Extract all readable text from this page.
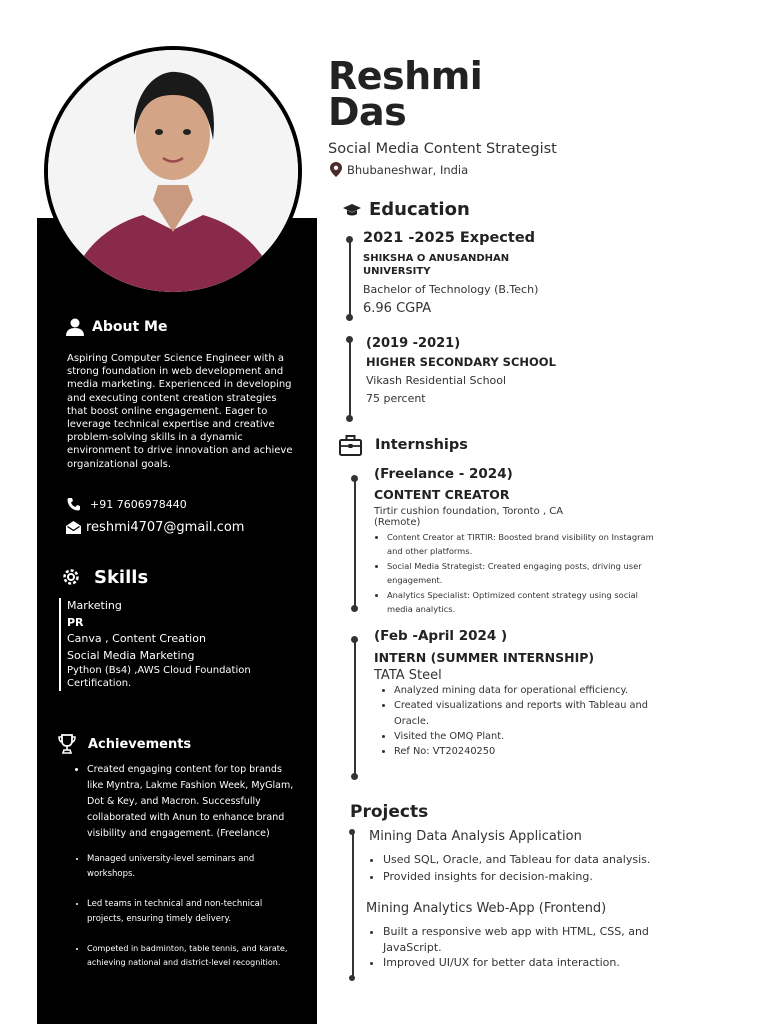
Reshmi
Das
Social Media Content Strategist
Bhubaneshwar, India
About Me
Aspiring Computer Science Engineer with a strong foundation in web development and media marketing. Experienced in developing and executing content creation strategies that boost online engagement. Eager to leverage technical expertise and creative problem-solving skills in a dynamic environment to drive innovation and achieve organizational goals.
+91 7606978440
reshmi4707@gmail.com
Skills
Marketing
PR
Canva , Content Creation
Social Media Marketing
Python (Bs4) ,AWS Cloud Foundation Certification.
Achievements
• Created engaging content for top brands like Myntra, Lakme Fashion Week, MyGlam, Dot & Key, and Macron. Successfully collaborated with Anun to enhance brand visibility and engagement. (Freelance)
• Managed university-level seminars and workshops.
• Led teams in technical and non-technical projects, ensuring timely delivery.
• Competed in badminton, table tennis, and karate, achieving national and district-level recognition.
Education
2021 -2025 Expected
SHIKSHA O ANUSANDHAN UNIVERSITY
Bachelor of Technology (B.Tech)
6.96 CGPA
(2019 -2021)
HIGHER SECONDARY SCHOOL
Vikash Residential School
75 percent
Internships
(Freelance - 2024)
CONTENT CREATOR
Tirtir cushion foundation, Toronto , CA
(Remote)
• Content Creator at TIRTIR: Boosted brand visibility on Instagram and other platforms.
• Social Media Strategist: Created engaging posts, driving user engagement.
• Analytics Specialist: Optimized content strategy using social media analytics.
(Feb -April 2024 )
INTERN (SUMMER INTERNSHIP)
TATA Steel
• Analyzed mining data for operational efficiency.
• Created visualizations and reports with Tableau and Oracle.
• Visited the OMQ Plant.
• Ref No: VT20240250
Projects
Mining Data Analysis Application
• Used SQL, Oracle, and Tableau for data analysis.
• Provided insights for decision-making.
Mining Analytics Web-App (Frontend)
• Built a responsive web app with HTML, CSS, and JavaScript.
• Improved UI/UX for better data interaction.
